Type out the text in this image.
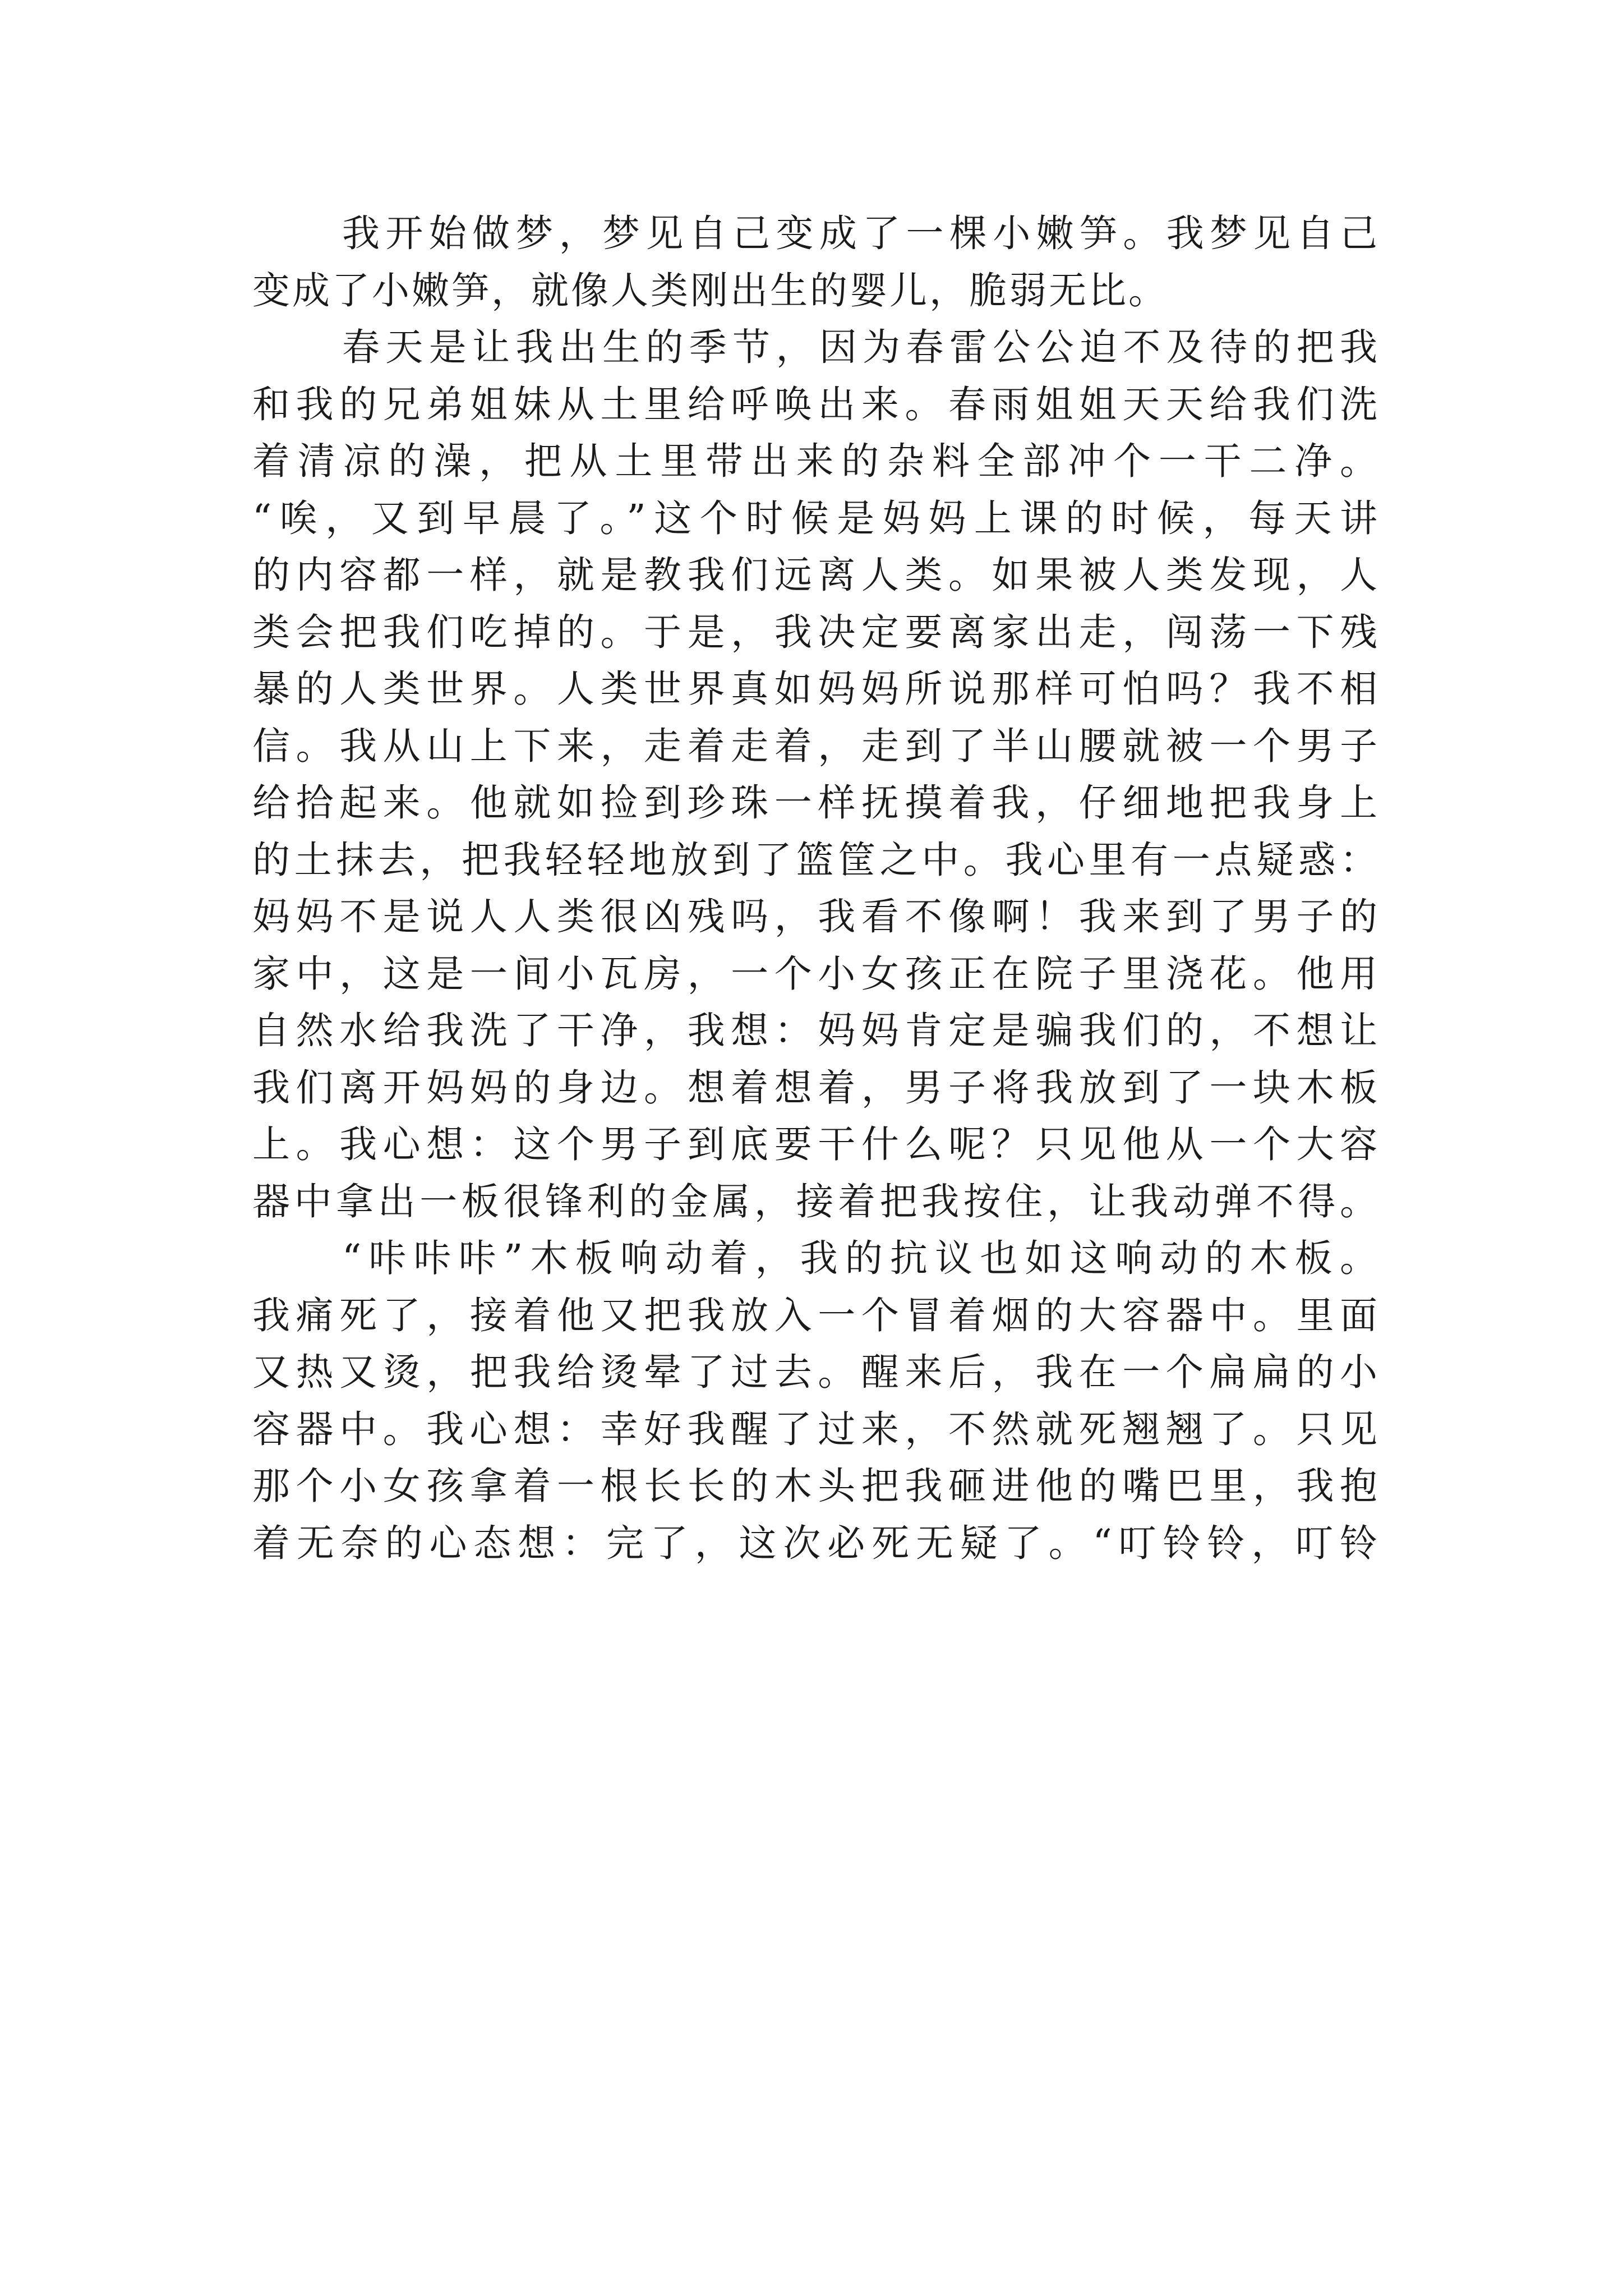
我开始做梦，梦见自己变成了一棵小嫩笋。我梦见自己
变成了小嫩笋，就像人类刚出生的婴儿，脆弱无比。
春天是让我出生的季节，因为春雷公公迫不及待的把我
和我的兄弟姐妹从土里给呼唤出来。春雨姐姐天天给我们洗
着清凉的澡，把从土里带出来的杂料全部冲个一干二净。
“唉，又到早晨了。”这个时候是妈妈上课的时候，每天讲
的内容都一样，就是教我们远离人类。如果被人类发现，人
类会把我们吃掉的。于是，我决定要离家出走，闯荡一下残
暴的人类世界。人类世界真如妈妈所说那样可怕吗？我不相
信。我从山上下来，走着走着，走到了半山腰就被一个男子
给拾起来。他就如捡到珍珠一样抚摸着我，仔细地把我身上
的土抹去，把我轻轻地放到了篮筐之中。我心里有一点疑惑：
妈妈不是说人人类很凶残吗，我看不像啊！我来到了男子的
家中，这是一间小瓦房，一个小女孩正在院子里浇花。他用
自然水给我洗了干净，我想：妈妈肯定是骗我们的，不想让
我们离开妈妈的身边。想着想着，男子将我放到了一块木板
上。我心想：这个男子到底要干什么呢？只见他从一个大容
器中拿出一板很锋利的金属，接着把我按住，让我动弹不得。
“咔咔咔”木板响动着，我的抗议也如这响动的木板。
我痛死了，接着他又把我放入一个冒着烟的大容器中。里面
又热又烫，把我给烫晕了过去。醒来后，我在一个扁扁的小
容器中。我心想：幸好我醒了过来，不然就死翘翘了。只见
那个小女孩拿着一根长长的木头把我砸进他的嘴巴里，我抱
着无奈的心态想：完了，这次必死无疑了。“叮铃铃，叮铃
